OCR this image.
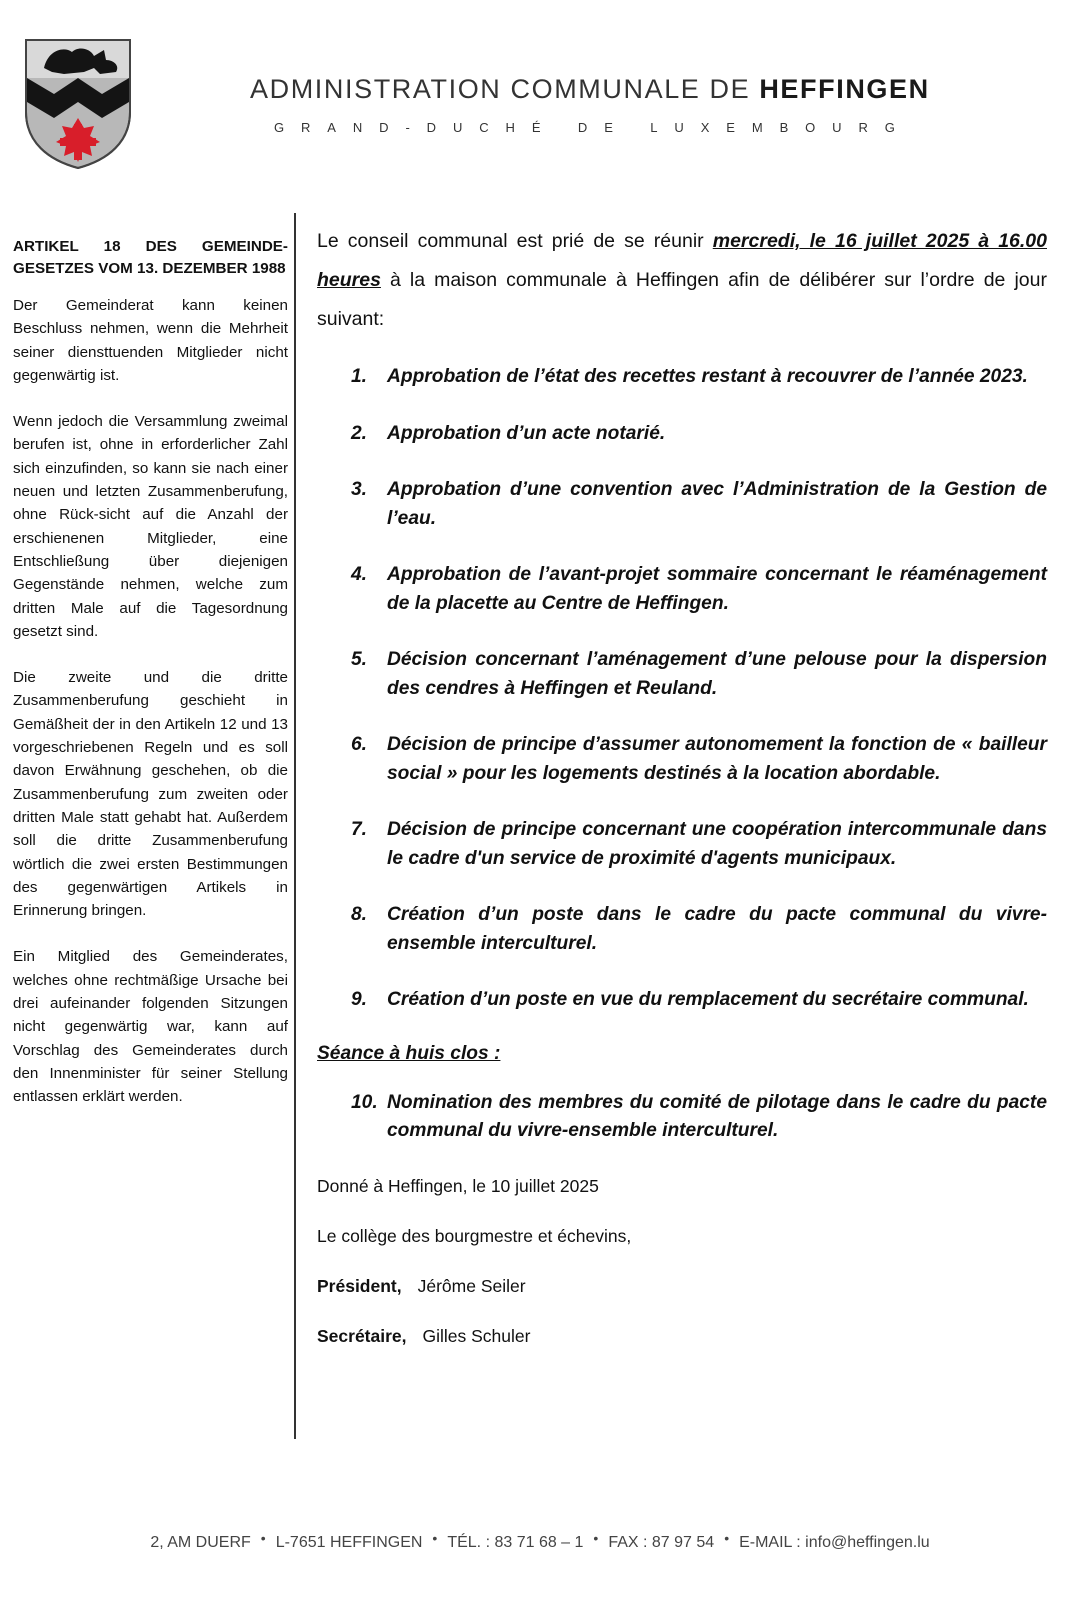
ADMINISTRATION COMMUNALE DE HEFFINGEN
GRAND-DUCHÉ DE LUXEMBOURG
ARTIKEL 18 DES GEMEINDE-GESETZES VOM 13. DEZEMBER 1988

Der Gemeinderat kann keinen Beschluss nehmen, wenn die Mehrheit seiner diensttuenden Mitglieder nicht gegenwärtig ist.

Wenn jedoch die Versammlung zweimal berufen ist, ohne in erforderlicher Zahl sich einzufinden, so kann sie nach einer neuen und letzten Zusammenberufung, ohne Rück-sicht auf die Anzahl der erschienenen Mitglieder, eine Entschließung über diejenigen Gegenstände nehmen, welche zum dritten Male auf die Tagesordnung gesetzt sind.

Die zweite und die dritte Zusammenberufung geschieht in Gemäßheit der in den Artikeln 12 und 13 vorgeschriebenen Regeln und es soll davon Erwähnung geschehen, ob die Zusammenberufung zum zweiten oder dritten Male statt gehabt hat. Außerdem soll die dritte Zusammenberufung wörtlich die zwei ersten Bestimmungen des gegenwärtigen Artikels in Erinnerung bringen.

Ein Mitglied des Gemeinderates, welches ohne rechtmäßige Ursache bei drei aufeinander folgenden Sitzungen nicht gegenwärtig war, kann auf Vorschlag des Gemeinderates durch den Innenminister für seiner Stellung entlassen erklärt werden.

Le conseil communal est prié de se réunir mercredi, le 16 juillet 2025 à 16.00 heures à la maison communale à Heffingen afin de délibérer sur l’ordre de jour suivant:

1. Approbation de l’état des recettes restant à recouvrer de l’année 2023.
2. Approbation d’un acte notarié.
3. Approbation d’une convention avec l’Administration de la Gestion de l’eau.
4. Approbation de l’avant-projet sommaire concernant le réaménagement de la placette au Centre de Heffingen.
5. Décision concernant l’aménagement d’une pelouse pour la dispersion des cendres à Heffingen et Reuland.
6. Décision de principe d’assumer autonomement la fonction de « bailleur social » pour les logements destinés à la location abordable.
7. Décision de principe concernant une coopération intercommunale dans le cadre d'un service de proximité d'agents municipaux.
8. Création d’un poste dans le cadre du pacte communal du vivre-ensemble interculturel.
9. Création d’un poste en vue du remplacement du secrétaire communal.
Séance à huis clos :
10. Nomination des membres du comité de pilotage dans le cadre du pacte communal du vivre-ensemble interculturel.

Donné à Heffingen, le 10 juillet 2025

Le collège des bourgmestre et échevins,

Président, Jérôme Seiler

Secrétaire, Gilles Schuler

2, AM DUERF • L-7651 HEFFINGEN • TÉL. : 83 71 68 – 1 • FAX : 87 97 54 • E-MAIL : info@heffingen.lu
